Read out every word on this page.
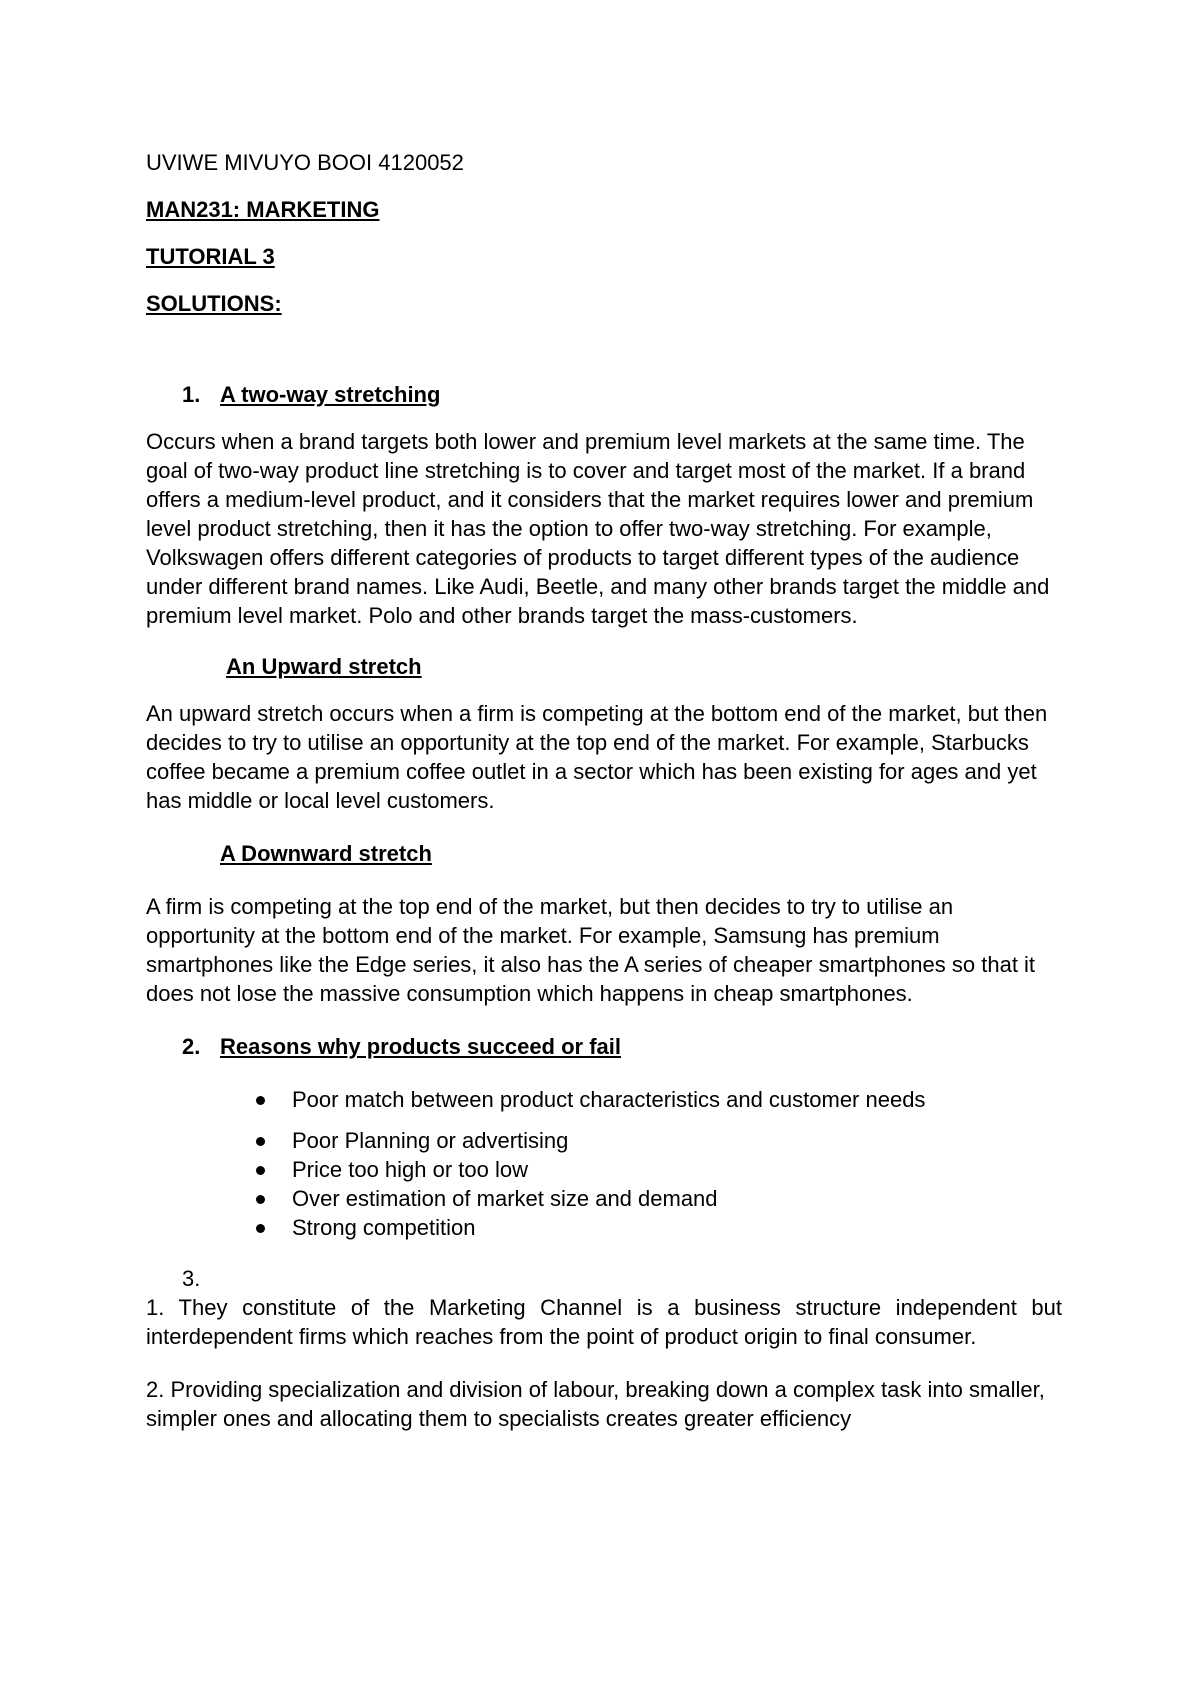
UVIWE MIVUYO BOOI 4120052

MAN231: MARKETING

TUTORIAL 3

SOLUTIONS:

1. A two-way stretching

Occurs when a brand targets both lower and premium level markets at the same time. The goal of two-way product line stretching is to cover and target most of the market. If a brand offers a medium-level product, and it considers that the market requires lower and premium level product stretching, then it has the option to offer two-way stretching. For example, Volkswagen offers different categories of products to target different types of the audience under different brand names. Like Audi, Beetle, and many other brands target the middle and premium level market. Polo and other brands target the mass-customers.

An Upward stretch

An upward stretch occurs when a firm is competing at the bottom end of the market, but then decides to try to utilise an opportunity at the top end of the market. For example, Starbucks coffee became a premium coffee outlet in a sector which has been existing for ages and yet has middle or local level customers.

A Downward stretch

A firm is competing at the top end of the market, but then decides to try to utilise an opportunity at the bottom end of the market. For example, Samsung has premium smartphones like the Edge series, it also has the A series of cheaper smartphones so that it does not lose the massive consumption which happens in cheap smartphones.

2. Reasons why products succeed or fail
Poor match between product characteristics and customer needs
Poor Planning or advertising
Price too high or too low
Over estimation of market size and demand
Strong competition

3.

1. They constitute of the Marketing Channel is a business structure independent but interdependent firms which reaches from the point of product origin to final consumer.

2. Providing specialization and division of labour, breaking down a complex task into smaller, simpler ones and allocating them to specialists creates greater efficiency
